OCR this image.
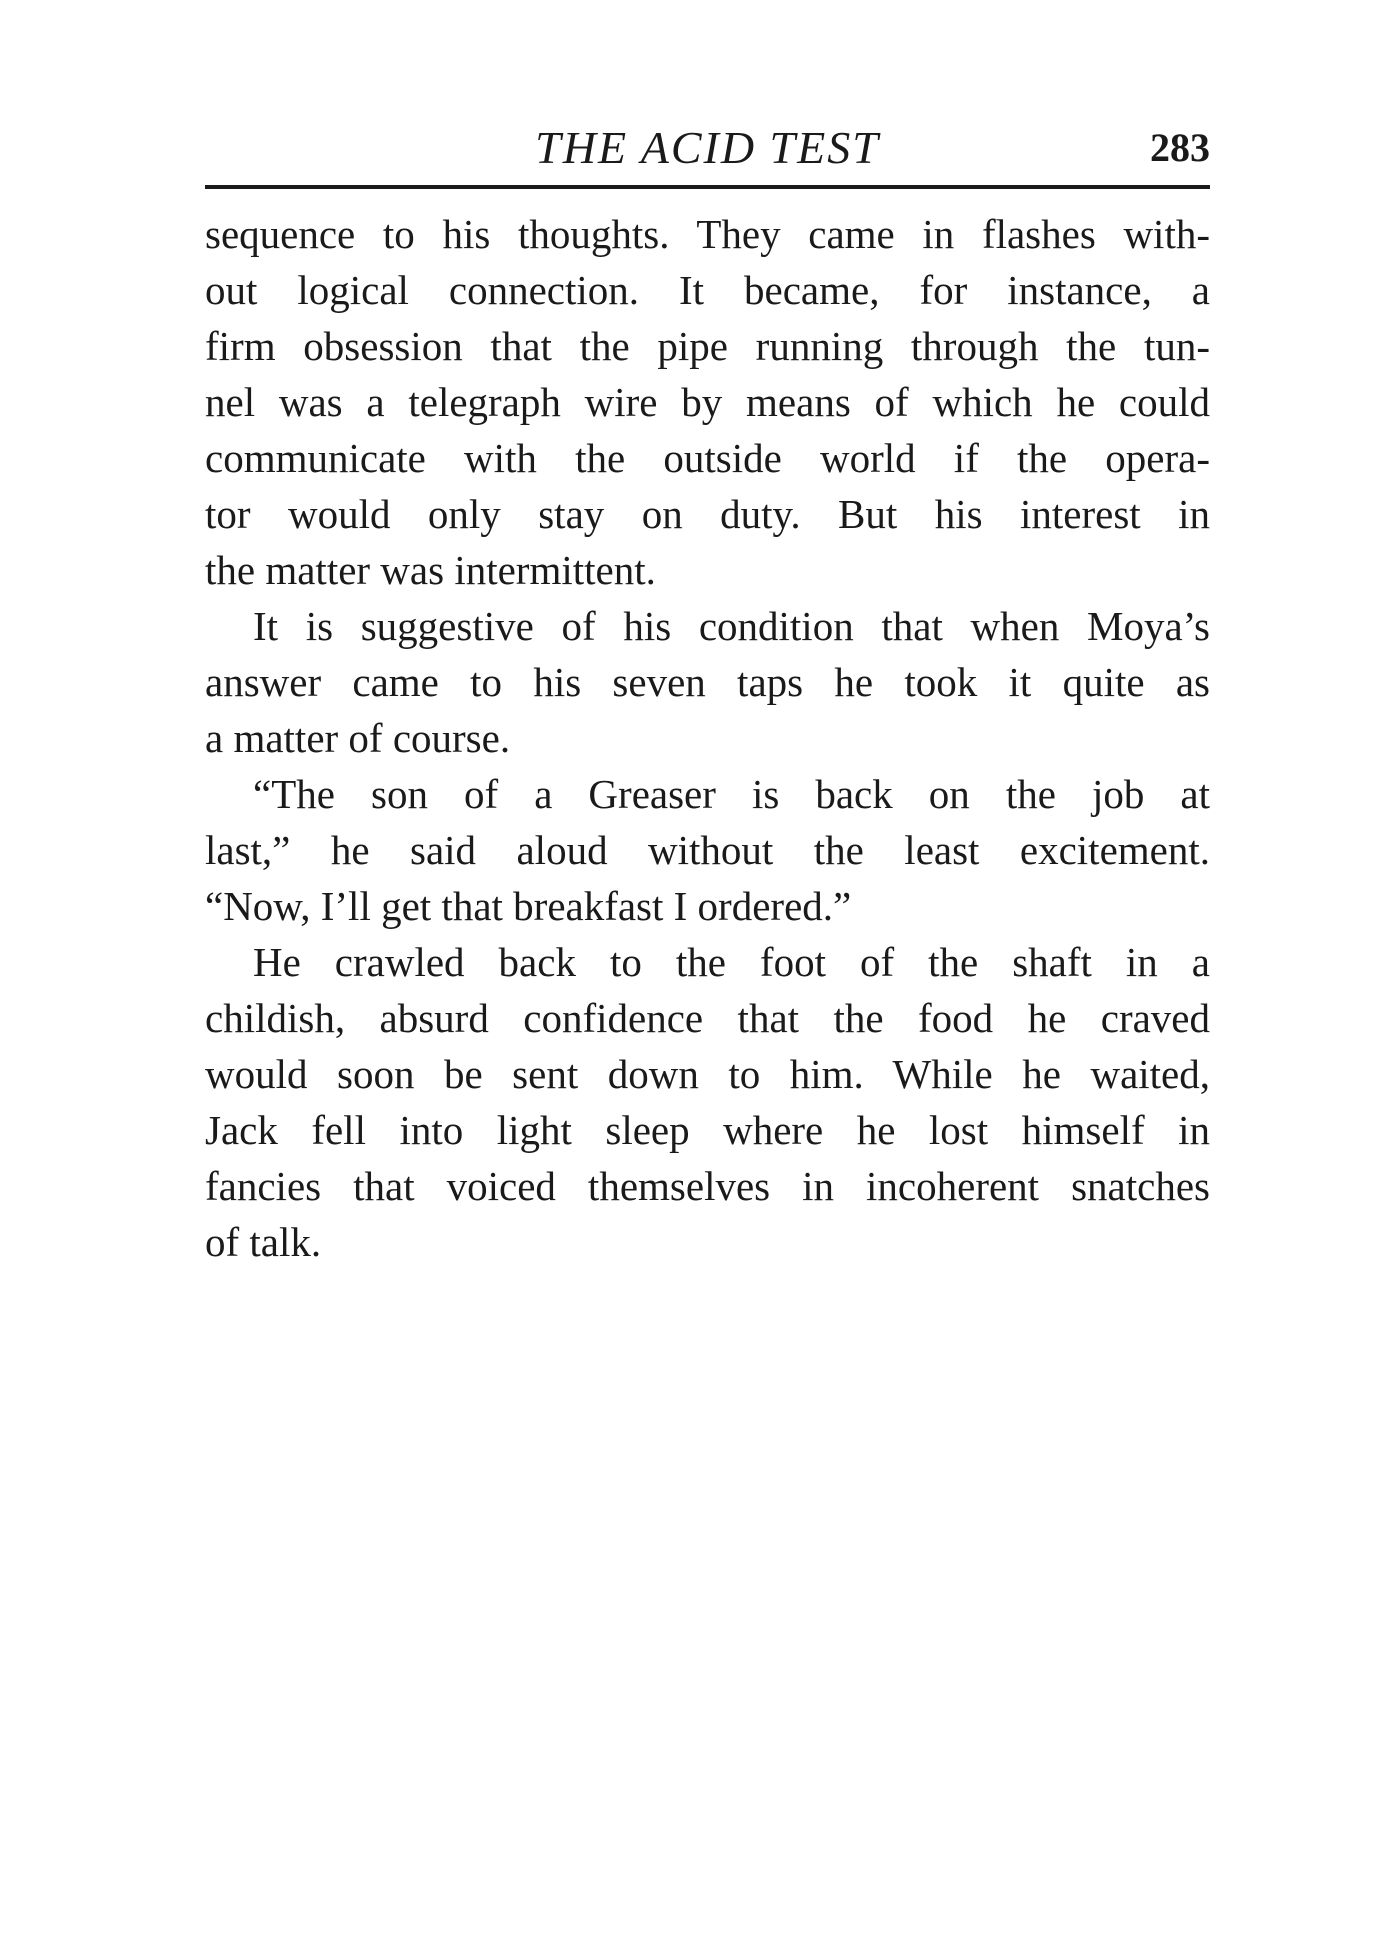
THE ACID TEST	283
sequence to his thoughts. They came in flashes with-
out logical connection. It became, for instance, a
firm obsession that the pipe running through the tun-
nel was a telegraph wire by means of which he could
communicate with the outside world if the opera-
tor would only stay on duty. But his interest in
the matter was intermittent.
It is suggestive of his condition that when Moya’s
answer came to his seven taps he took it quite as
a matter of course.
“The son of a Greaser is back on the job at
last,” he said aloud without the least excitement.
“Now, I’ll get that breakfast I ordered.”
He crawled back to the foot of the shaft in a
childish, absurd confidence that the food he craved
would soon be sent down to him. While he waited,
Jack fell into light sleep where he lost himself in
fancies that voiced themselves in incoherent snatches
of talk.
